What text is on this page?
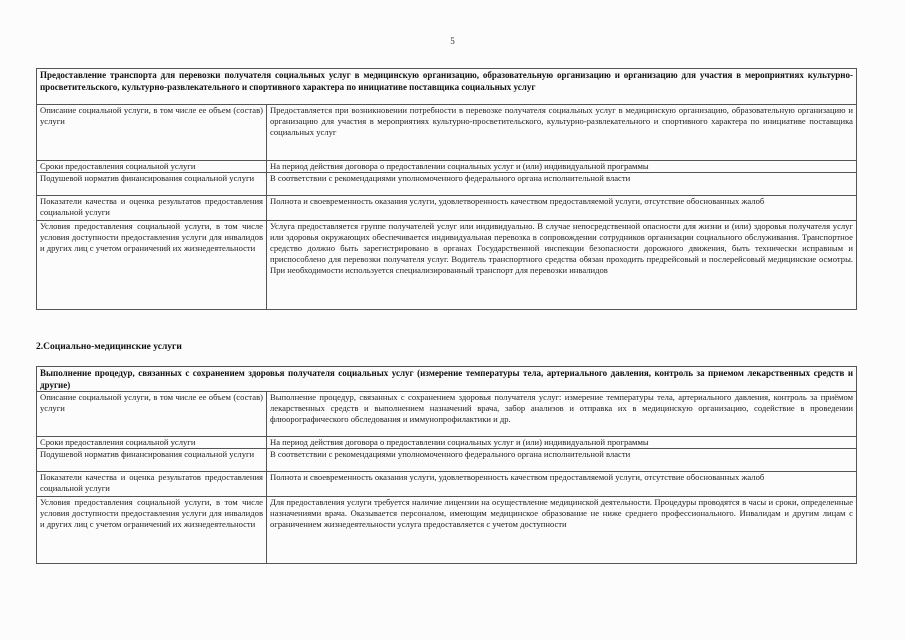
5
Предоставление транспорта для перевозки получателя социальных услуг в медицинскую организацию, образовательную организацию и организацию для участия в мероприятиях культурно-просветительского, культурно-развлекательного и спортивного характера по инициативе поставщика социальных услуг	
Описание социальной услуги, в том числе ее объем (состав) услуги	Предоставляется при возникновении потребности в перевозке получателя социальных услуг в медицинскую организацию, образовательную организацию и организацию для участия в мероприятиях культурно-просветительского, культурно-развлекательного и спортивного характера по инициативе поставщика социальных услуг
Сроки предоставления социальной услуги	На период действия договора о предоставлении социальных услуг и (или) индивидуальной программы
Подушевой норматив финансирования социальной услуги	В соответствии с рекомендациями уполномоченного федерального органа исполнительной власти
Показатели качества и оценка результатов предоставления социальной услуги	Полнота и своевременность оказания услуги, удовлетворенность качеством предоставляемой услуги, отсутствие обоснованных жалоб
Условия предоставления социальной услуги, в том числе условия доступности предоставления услуги для инвалидов и других лиц с учетом ограничений их жизнедеятельности	Услуга предоставляется группе получателей услуг или индивидуально. В случае непосредственной опасности для жизни и (или) здоровья получателя услуг или здоровья окружающих обеспечивается индивидуальная перевозка в сопровождении сотрудников организации социального обслуживания. Транспортное средство должно быть зарегистрировано в органах Государственной инспекции безопасности дорожного движения, быть технически исправным и приспособлено для перевозки получателя услуг. Водитель транспортного средства обязан проходить предрейсовый и послерейсовый медицинские осмотры. При необходимости используется специализированный транспорт для перевозки инвалидов
2.Социально-медицинские услуги
Выполнение процедур, связанных с сохранением здоровья получателя социальных услуг (измерение температуры тела, артериального давления, контроль за приемом лекарственных средств и другие)	
Описание социальной услуги, в том числе ее объем (состав) услуги	Выполнение процедур, связанных с сохранением здоровья получателя услуг: измерение температуры тела, артериального давления, контроль за приёмом лекарственных средств и выполнением назначений врача, забор анализов и отправка их в медицинскую организацию, содействие в проведении флюорографического обследования и иммунопрофилактики и др.
Сроки предоставления социальной услуги	На период действия договора о предоставлении социальных услуг и (или) индивидуальной программы
Подушевой норматив финансирования социальной услуги	В соответствии с рекомендациями уполномоченного федерального органа исполнительной власти
Показатели качества и оценка результатов предоставления социальной услуги	Полнота и своевременность оказания услуги, удовлетворенность качеством предоставляемой услуги, отсутствие обоснованных жалоб
Условия предоставления социальной услуги, в том числе условия доступности предоставления услуги для инвалидов и других лиц с учетом ограничений их жизнедеятельности	Для предоставления услуги требуется наличие лицензии на осуществление медицинской деятельности. Процедуры проводятся в часы и сроки, определенные назначениями врача. Оказывается персоналом, имеющим медицинское образование не ниже среднего профессионального. Инвалидам и другим лицам с ограничением жизнедеятельности услуга предоставляется с учетом доступности
